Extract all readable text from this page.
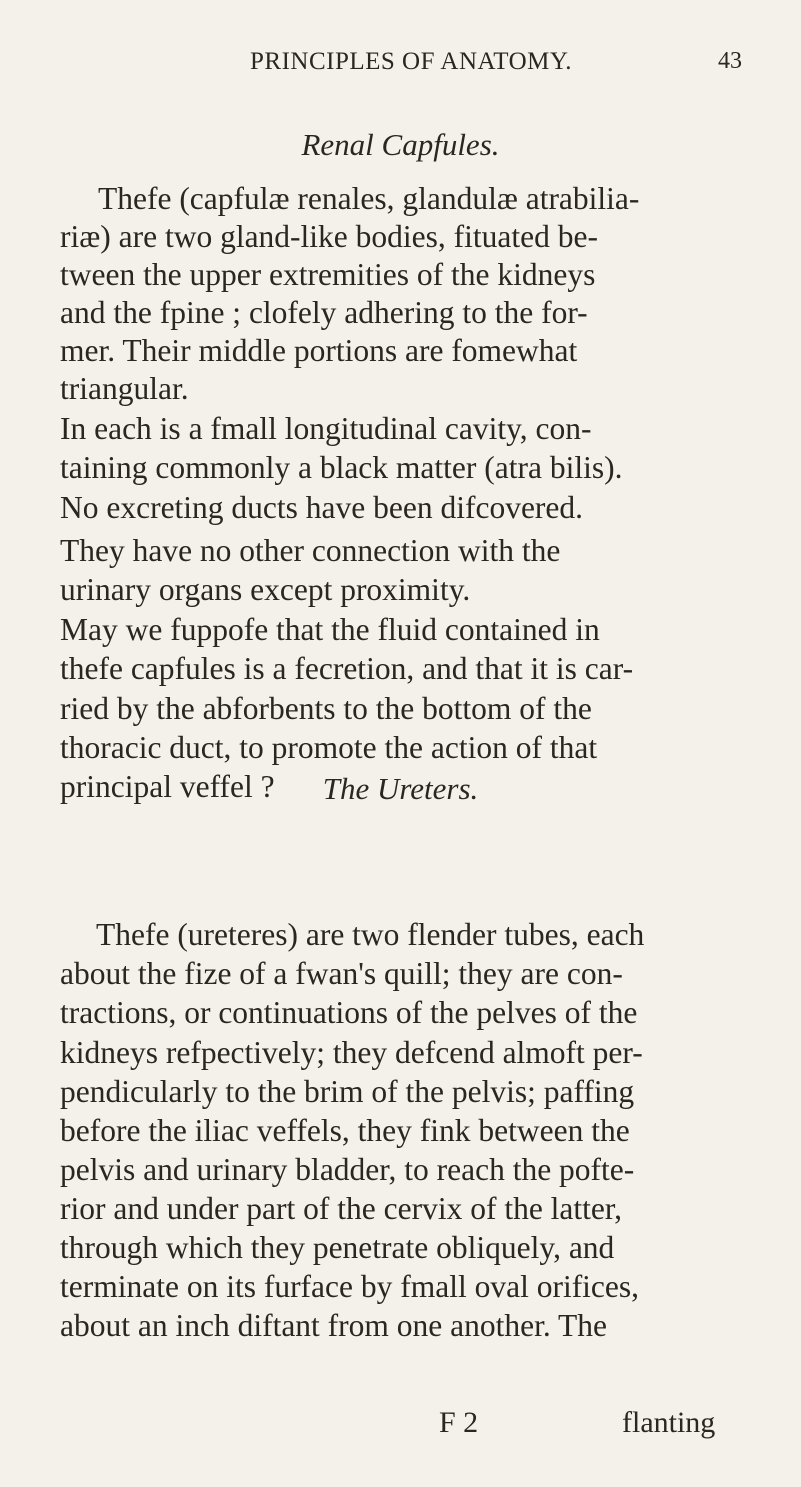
PRINCIPLES OF ANATOMY.	43
Renal Capfules.
Thefe (capfulæ renales, glandulæ atrabilia-
riæ) are two gland-like bodies, fituated be-
tween the upper extremities of the kidneys
and the fpine ; clofely adhering to the for-
mer. Their middle portions are fomewhat
triangular.
In each is a fmall longitudinal cavity, con-
taining commonly a black matter (atra bilis).
No excreting ducts have been difcovered.
They have no other connection with the
urinary organs except proximity.
May we fuppofe that the fluid contained in
thefe capfules is a fecretion, and that it is car-
ried by the abforbents to the bottom of the
thoracic duct, to promote the action of that
principal veffel ?	The Ureters.
Thefe (ureteres) are two flender tubes, each
about the fize of a fwan's quill; they are con-
tractions, or continuations of the pelves of the
kidneys refpectively; they defcend almoft per-
pendicularly to the brim of the pelvis; paffing
before the iliac veffels, they fink between the
pelvis and urinary bladder, to reach the pofte-
rior and under part of the cervix of the latter,
through which they penetrate obliquely, and
terminate on its furface by fmall oval orifices,
about an inch diftant from one another. The
F 2	flanting
